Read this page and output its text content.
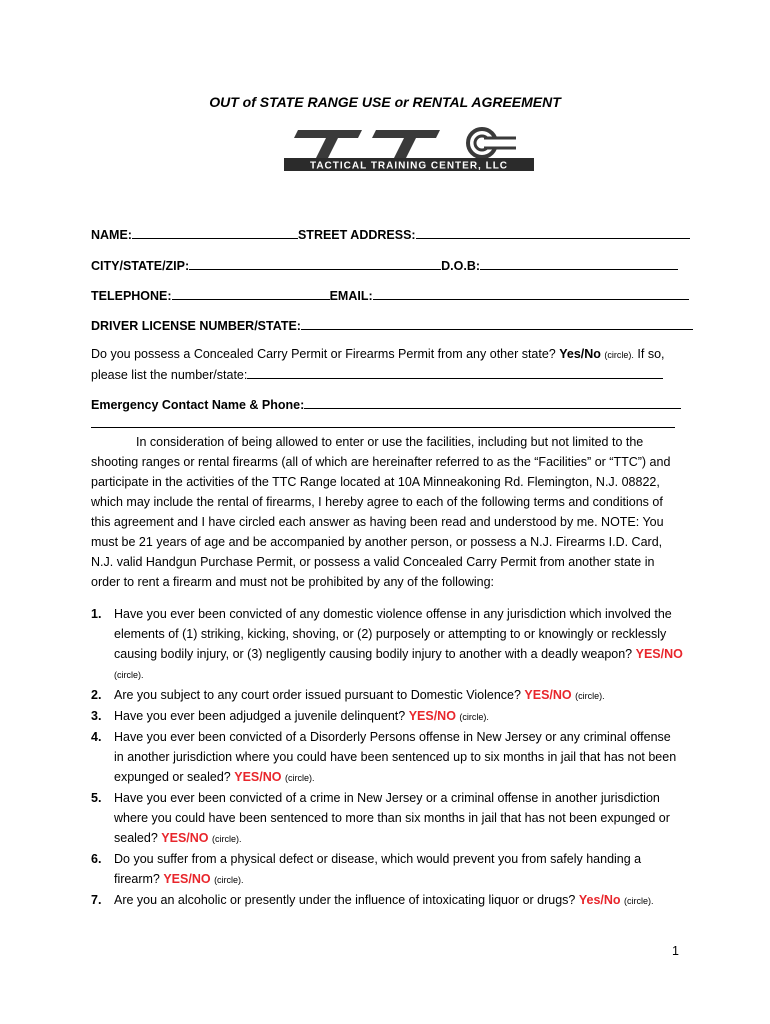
OUT of STATE RANGE USE or RENTAL AGREEMENT
TACTICAL TRAINING CENTER, LLC
NAME:	STREET ADDRESS:
CITY/STATE/ZIP:	D.O.B:
TELEPHONE:	EMAIL:
DRIVER LICENSE NUMBER/STATE:
Do you possess a Concealed Carry Permit or Firearms Permit from any other state? Yes/No (circle). If so,
please list the number/state:
Emergency Contact Name & Phone:
In consideration of being allowed to enter or use the facilities, including but not limited to the shooting ranges or rental firearms (all of which are hereinafter referred to as the “Facilities” or “TTC”) and participate in the activities of the TTC Range located at 10A Minneakoning Rd. Flemington, N.J. 08822, which may include the rental of firearms, I hereby agree to each of the following terms and conditions of this agreement and I have circled each answer as having been read and understood by me. NOTE: You must be 21 years of age and be accompanied by another person, or possess a N.J. Firearms I.D. Card, N.J. valid Handgun Purchase Permit, or possess a valid Concealed Carry Permit from another state in order to rent a firearm and must not be prohibited by any of the following:
1. Have you ever been convicted of any domestic violence offense in any jurisdiction which involved the elements of (1) striking, kicking, shoving, or (2) purposely or attempting to or knowingly or recklessly causing bodily injury, or (3) negligently causing bodily injury to another with a deadly weapon? YES/NO (circle).
2. Are you subject to any court order issued pursuant to Domestic Violence? YES/NO (circle).
3. Have you ever been adjudged a juvenile delinquent? YES/NO (circle).
4. Have you ever been convicted of a Disorderly Persons offense in New Jersey or any criminal offense in another jurisdiction where you could have been sentenced up to six months in jail that has not been expunged or sealed? YES/NO (circle).
5. Have you ever been convicted of a crime in New Jersey or a criminal offense in another jurisdiction where you could have been sentenced to more than six months in jail that has not been expunged or sealed? YES/NO (circle).
6. Do you suffer from a physical defect or disease, which would prevent you from safely handing a firearm? YES/NO (circle).
7. Are you an alcoholic or presently under the influence of intoxicating liquor or drugs? Yes/No (circle).
1
